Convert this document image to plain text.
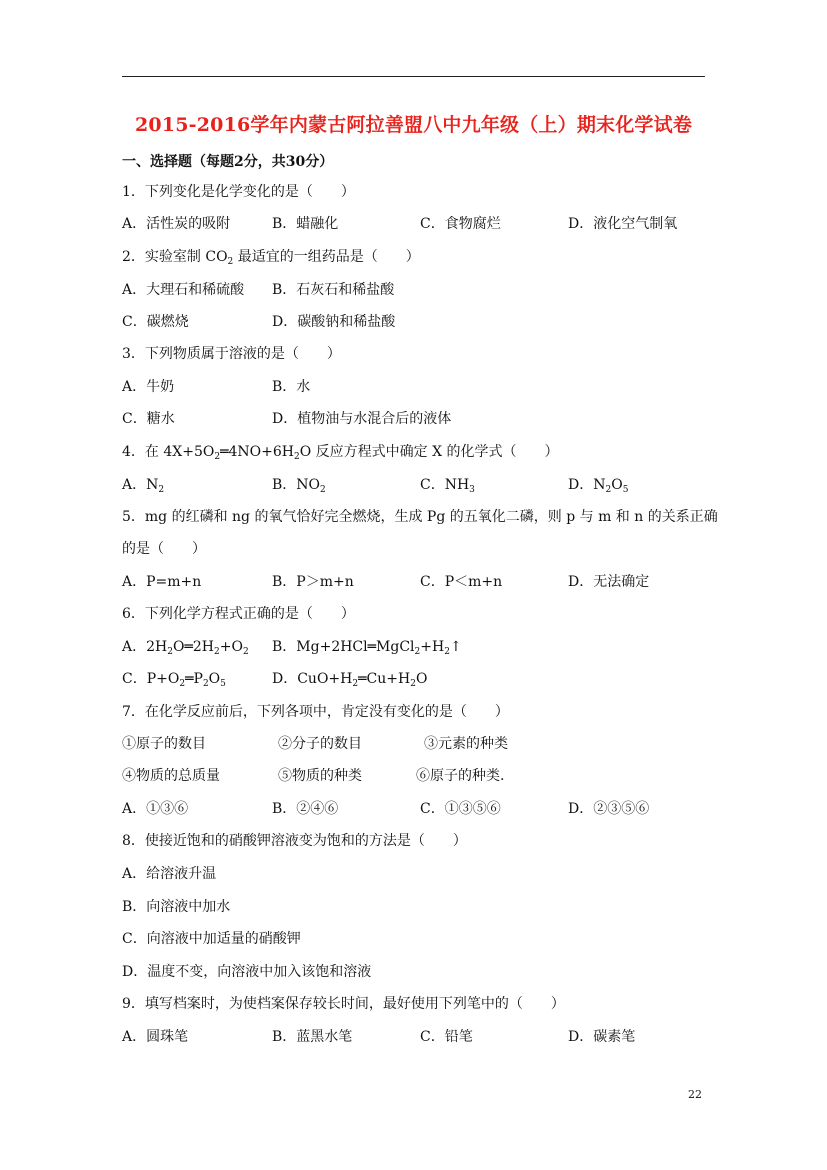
2015-2016学年内蒙古阿拉善盟八中九年级（上）期末化学试卷
一、选择题（每题2分，共30分）
1．下列变化是化学变化的是（　　）
A．活性炭的吸附	B．蜡融化	C．食物腐烂	D．液化空气制氧
2．实验室制 $CO_2$ 最适宜的一组药品是（　　）
A．大理石和稀硫酸 B．石灰石和稀盐酸
C．碳燃烧	D．碳酸钠和稀盐酸
3．下列物质属于溶液的是（　　）
A．牛奶	B．水
C．糖水	D．植物油与水混合后的液体
4．在 $4X+5O_2═4NO+6H_2O$ 反应方程式中确定 X 的化学式（　　）
A．$N_2$	B．$NO_2$	C．$NH_3$	D．$N_2O_5$
5．mg 的红磷和 ng 的氧气恰好完全燃烧，生成 Pg 的五氧化二磷，则 p 与 m 和 n 的关系正确
的是（　　）
A．P=m+n	B．P＞m+n	C．P＜m+n	D．无法确定
6．下列化学方程式正确的是（　　）
A．$2H_2O═2H_2+O_2$ B．$Mg+2HCl═MgCl_2+H_2↑$
C．$P+O_2═P_2O_5$	D．$CuO+H_2═Cu+H_2O$
7．在化学反应前后，下列各项中，肯定没有变化的是（　　）
①原子的数目	②分子的数目	③元素的种类
④物质的总质量	⑤物质的种类	⑥原子的种类.
A．①③⑥	B．②④⑥	C．①③⑤⑥	D．②③⑤⑥
8．使接近饱和的硝酸钾溶液变为饱和的方法是（　　）
A．给溶液升温
B．向溶液中加水
C．向溶液中加适量的硝酸钾
D．温度不变，向溶液中加入该饱和溶液
9．填写档案时，为使档案保存较长时间，最好使用下列笔中的（　　）
A．圆珠笔	B．蓝黑水笔	C．铅笔	D．碳素笔
22
